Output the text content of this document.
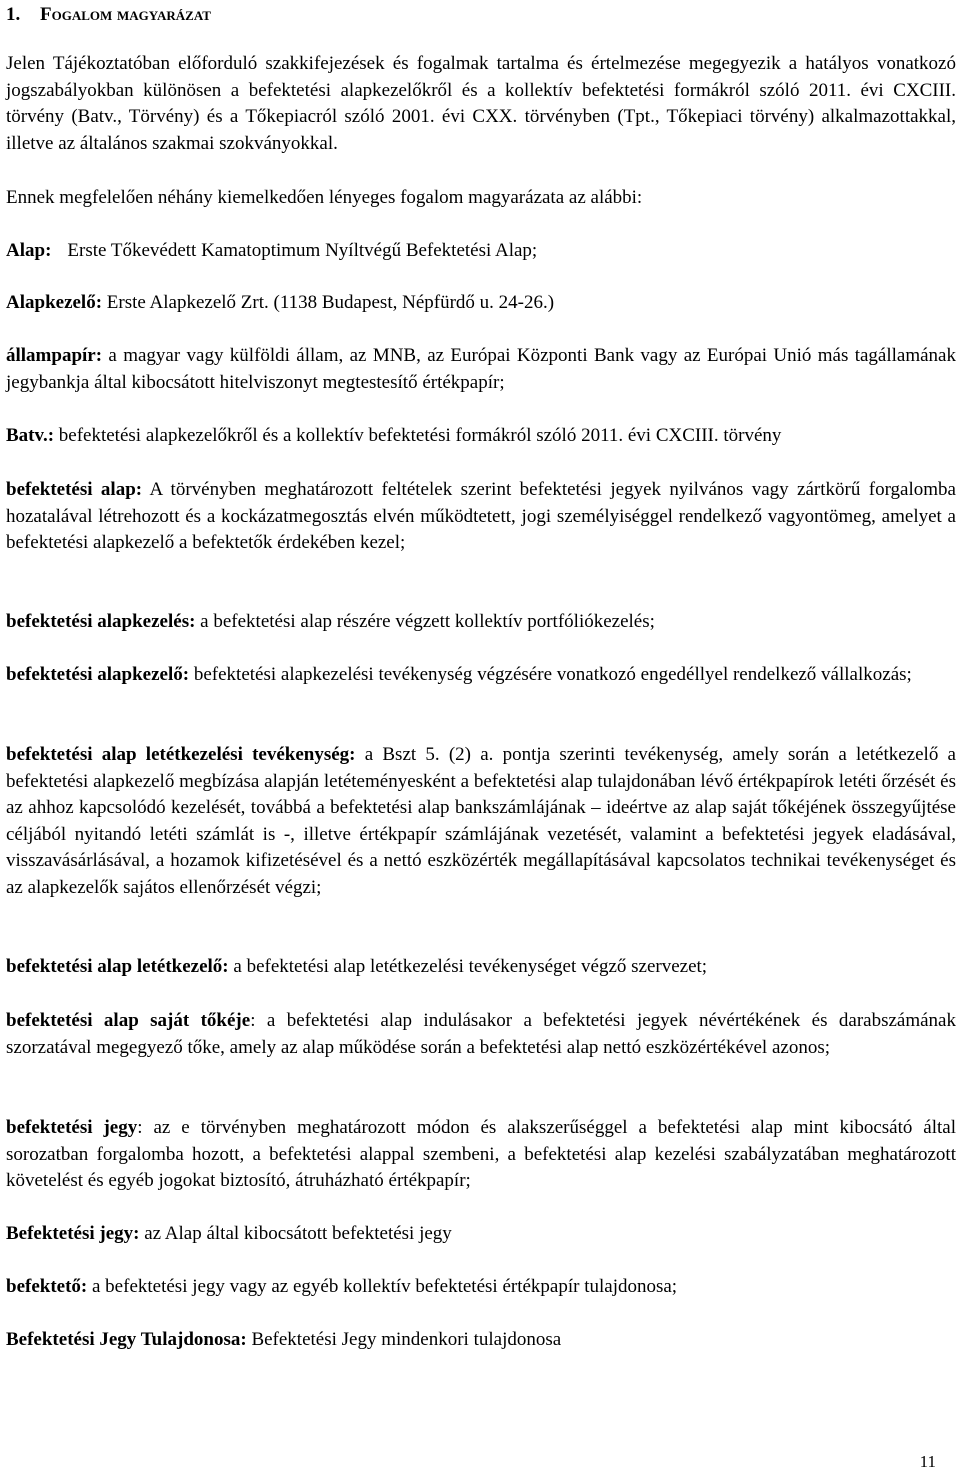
1. Fogalom magyarázat

Jelen Tájékoztatóban előforduló szakkifejezések és fogalmak tartalma és értelmezése megegyezik a hatályos vonatkozó jogszabályokban különösen a befektetési alapkezelőkről és a kollektív befektetési formákról szóló 2011. évi CXCIII. törvény (Batv., Törvény) és a Tőkepiacról szóló 2001. évi CXX. törvényben (Tpt., Tőkepiaci törvény) alkalmazottakkal, illetve az általános szakmai szokványokkal.

Ennek megfelelően néhány kiemelkedően lényeges fogalom magyarázata az alábbi:

Alap: Erste Tőkevédett Kamatoptimum Nyíltvégű Befektetési Alap;

Alapkezelő: Erste Alapkezelő Zrt. (1138 Budapest, Népfürdő u. 24-26.)

állampapír: a magyar vagy külföldi állam, az MNB, az Európai Központi Bank vagy az Európai Unió más tagállamának jegybankja által kibocsátott hitelviszonyt megtestesítő értékpapír;

Batv.: befektetési alapkezelőkről és a kollektív befektetési formákról szóló 2011. évi CXCIII. törvény

befektetési alap: A törvényben meghatározott feltételek szerint befektetési jegyek nyilvános vagy zártkörű forgalomba hozatalával létrehozott és a kockázatmegosztás elvén működtetett, jogi személyiséggel rendelkező vagyontömeg, amelyet a befektetési alapkezelő a befektetők érdekében kezel;

befektetési alapkezelés: a befektetési alap részére végzett kollektív portfóliókezelés;

befektetési alapkezelő: befektetési alapkezelési tevékenység végzésére vonatkozó engedéllyel rendelkező vállalkozás;

befektetési alap letétkezelési tevékenység: a Bszt 5. (2) a. pontja szerinti tevékenység, amely során a letétkezelő a befektetési alapkezelő megbízása alapján letéteményesként a befektetési alap tulajdonában lévő értékpapírok letéti őrzését és az ahhoz kapcsolódó kezelését, továbbá a befektetési alap bankszámlájának – ideértve az alap saját tőkéjének összegyűjtése céljából nyitandó letéti számlát is -, illetve értékpapír számlájának vezetését, valamint a befektetési jegyek eladásával, visszavásárlásával, a hozamok kifizetésével és a nettó eszközérték megállapításával kapcsolatos technikai tevékenységet és az alapkezelők sajátos ellenőrzését végzi;

befektetési alap letétkezelő: a befektetési alap letétkezelési tevékenységet végző szervezet;

befektetési alap saját tőkéje: a befektetési alap indulásakor a befektetési jegyek névértékének és darabszámának szorzatával megegyező tőke, amely az alap működése során a befektetési alap nettó eszközértékével azonos;

befektetési jegy: az e törvényben meghatározott módon és alakszerűséggel a befektetési alap mint kibocsátó által sorozatban forgalomba hozott, a befektetési alappal szembeni, a befektetési alap kezelési szabályzatában meghatározott követelést és egyéb jogokat biztosító, átruházható értékpapír;

Befektetési jegy: az Alap által kibocsátott befektetési jegy

befektető: a befektetési jegy vagy az egyéb kollektív befektetési értékpapír tulajdonosa;

Befektetési Jegy Tulajdonosa: Befektetési Jegy mindenkori tulajdonosa

11
